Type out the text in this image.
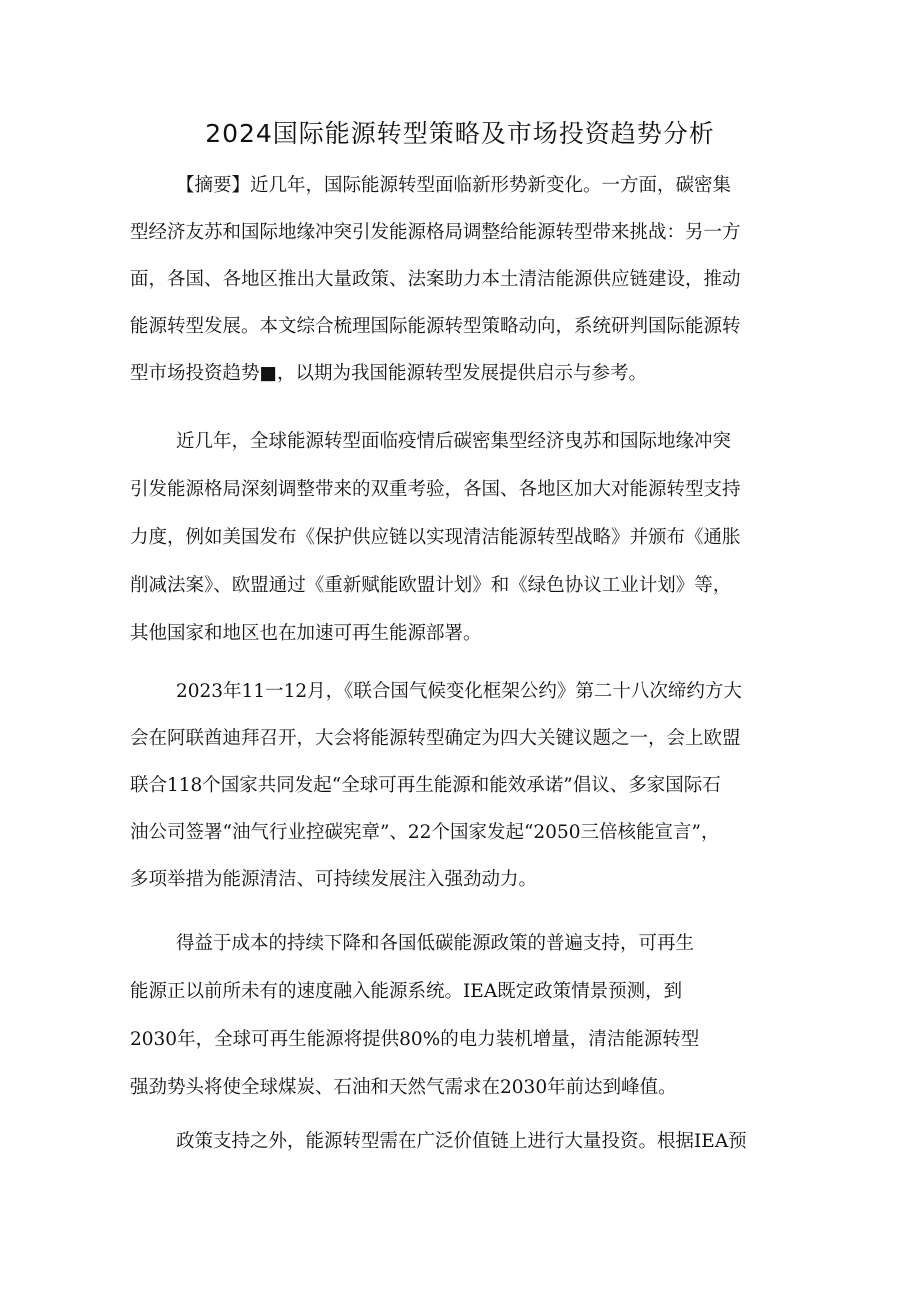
2024国际能源转型策略及市场投资趋势分析
【摘要】近几年，国际能源转型面临新形势新变化。一方面，碳密集
型经济友苏和国际地缘冲突引发能源格局调整给能源转型带来挑战：另一方
面，各国、各地区推出大量政策、法案助力本土清洁能源供应链建设，推动
能源转型发展。本文综合梳理国际能源转型策略动向，系统研判国际能源转
型市场投资趋势■，以期为我国能源转型发展提供启示与参考。
近几年，全球能源转型面临疫情后碳密集型经济曳苏和国际地缘冲突
引发能源格局深刻调整带来的双重考验，各国、各地区加大对能源转型支持
力度，例如美国发布《保护供应链以实现清洁能源转型战略》并颁布《通胀
削减法案》、欧盟通过《重新赋能欧盟计划》和《绿色协议工业计划》等，
其他国家和地区也在加速可再生能源部署。
2023年11一12月，《联合国气候变化框架公约》第二十八次缔约方大
会在阿联酋迪拜召开，大会将能源转型确定为四大关键议题之一，会上欧盟
联合118个国家共同发起“全球可再生能源和能效承诺”倡议、多家国际石
油公司签署“油气行业控碳宪章”、22个国家发起“2050三倍核能宣言”，
多项举措为能源清洁、可持续发展注入强劲动力。
得益于成本的持续下降和各国低碳能源政策的普遍支持，可再生
能源正以前所未有的速度融入能源系统。IEA既定政策情景预测，到
2030年，全球可再生能源将提供80%的电力装机增量，清洁能源转型
强劲势头将使全球煤炭、石油和天然气需求在2030年前达到峰值。
政策支持之外，能源转型需在广泛价值链上进行大量投资。根据IEA预
